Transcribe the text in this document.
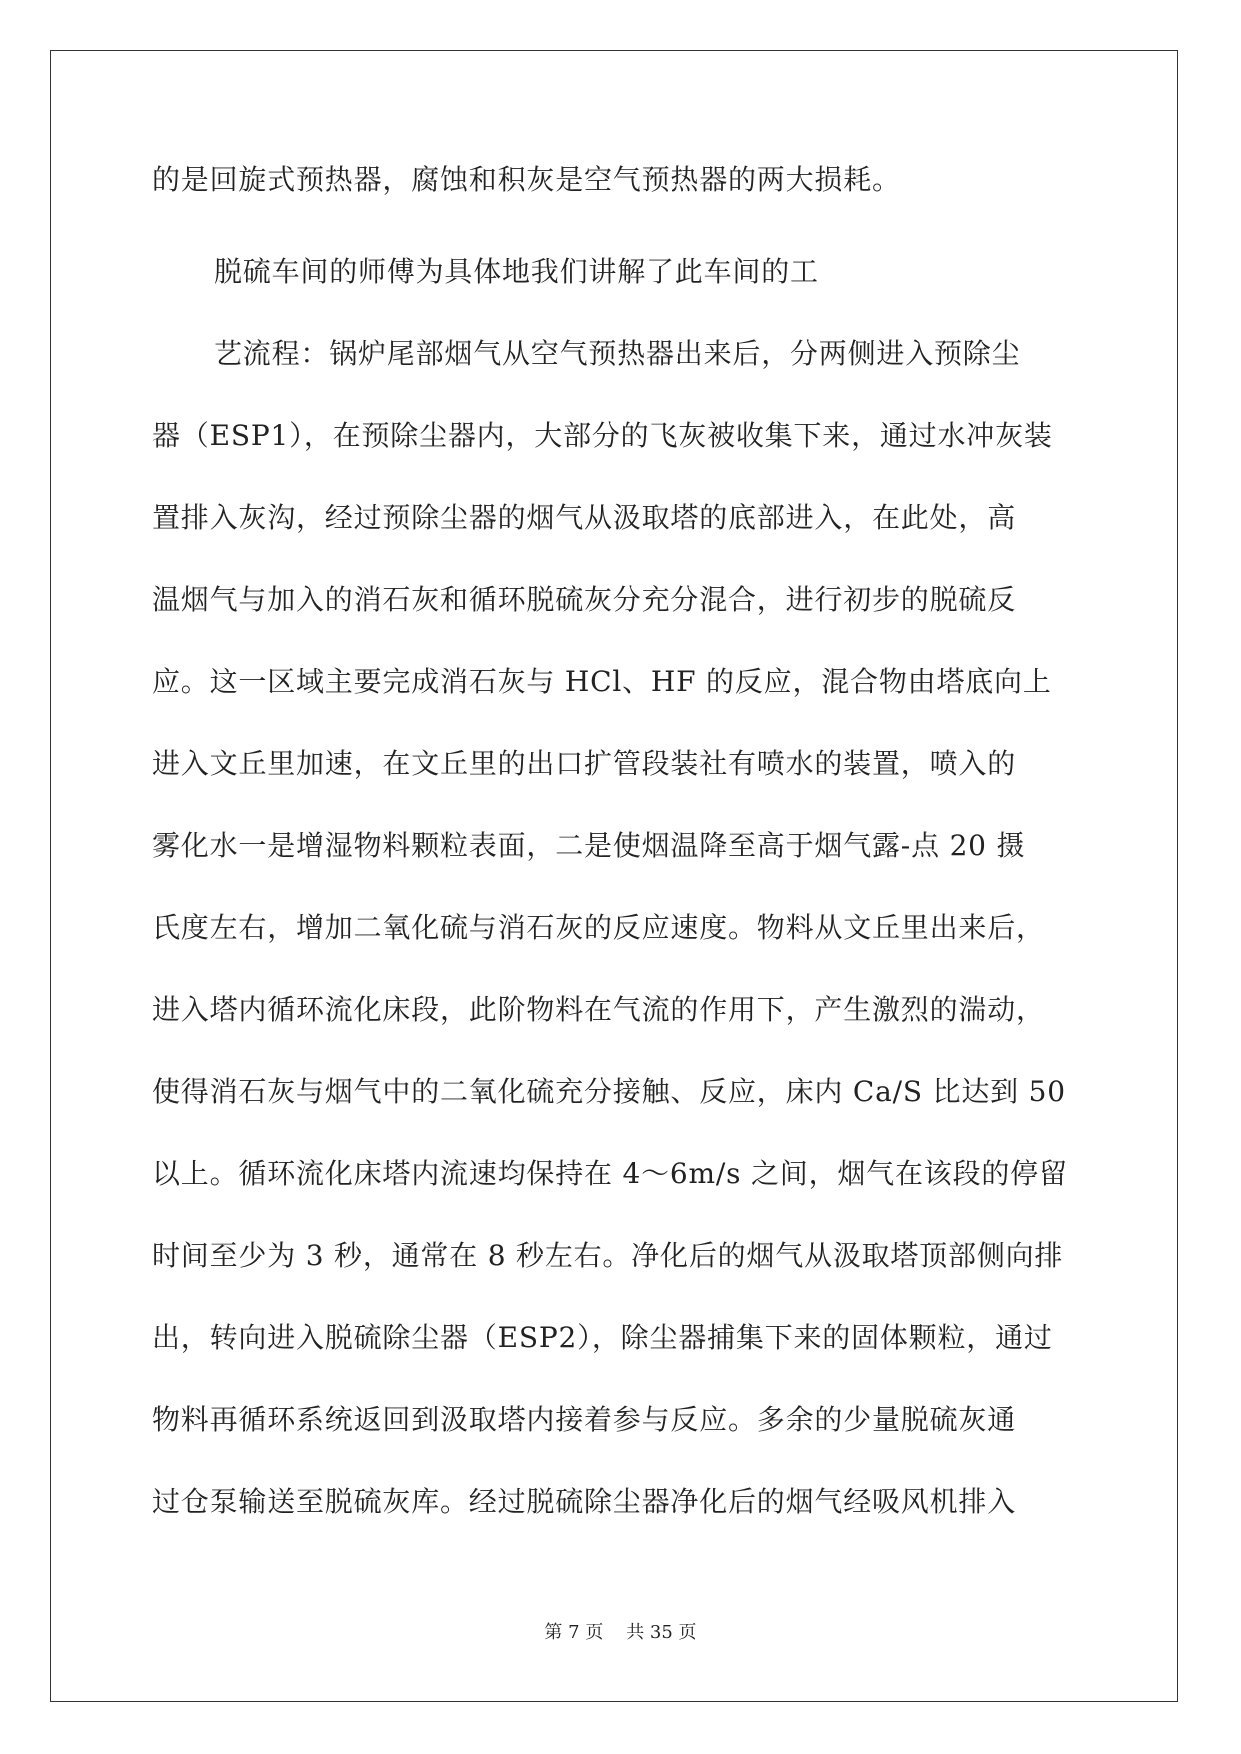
的是回旋式预热器，腐蚀和积灰是空气预热器的两大损耗。
脱硫车间的师傅为具体地我们讲解了此车间的工
艺流程：锅炉尾部烟气从空气预热器出来后，分两侧进入预除尘
器（ESP1），在预除尘器内，大部分的飞灰被收集下来，通过水冲灰装
置排入灰沟，经过预除尘器的烟气从汲取塔的底部进入，在此处，高
温烟气与加入的消石灰和循环脱硫灰分充分混合，进行初步的脱硫反
应。这一区域主要完成消石灰与 HCl、HF 的反应，混合物由塔底向上
进入文丘里加速，在文丘里的出口扩管段装社有喷水的装置，喷入的
雾化水一是增湿物料颗粒表面，二是使烟温降至高于烟气露-点 20 摄
氏度左右，增加二氧化硫与消石灰的反应速度。物料从文丘里出来后，
进入塔内循环流化床段，此阶物料在气流的作用下，产生激烈的湍动，
使得消石灰与烟气中的二氧化硫充分接触、反应，床内 Ca/S 比达到 50
以上。循环流化床塔内流速均保持在 4～6m/s 之间，烟气在该段的停留
时间至少为 3 秒，通常在 8 秒左右。净化后的烟气从汲取塔顶部侧向排
出，转向进入脱硫除尘器（ESP2），除尘器捕集下来的固体颗粒，通过
物料再循环系统返回到汲取塔内接着参与反应。多余的少量脱硫灰通
过仓泵输送至脱硫灰库。经过脱硫除尘器净化后的烟气经吸风机排入
第 7 页    共 35 页
